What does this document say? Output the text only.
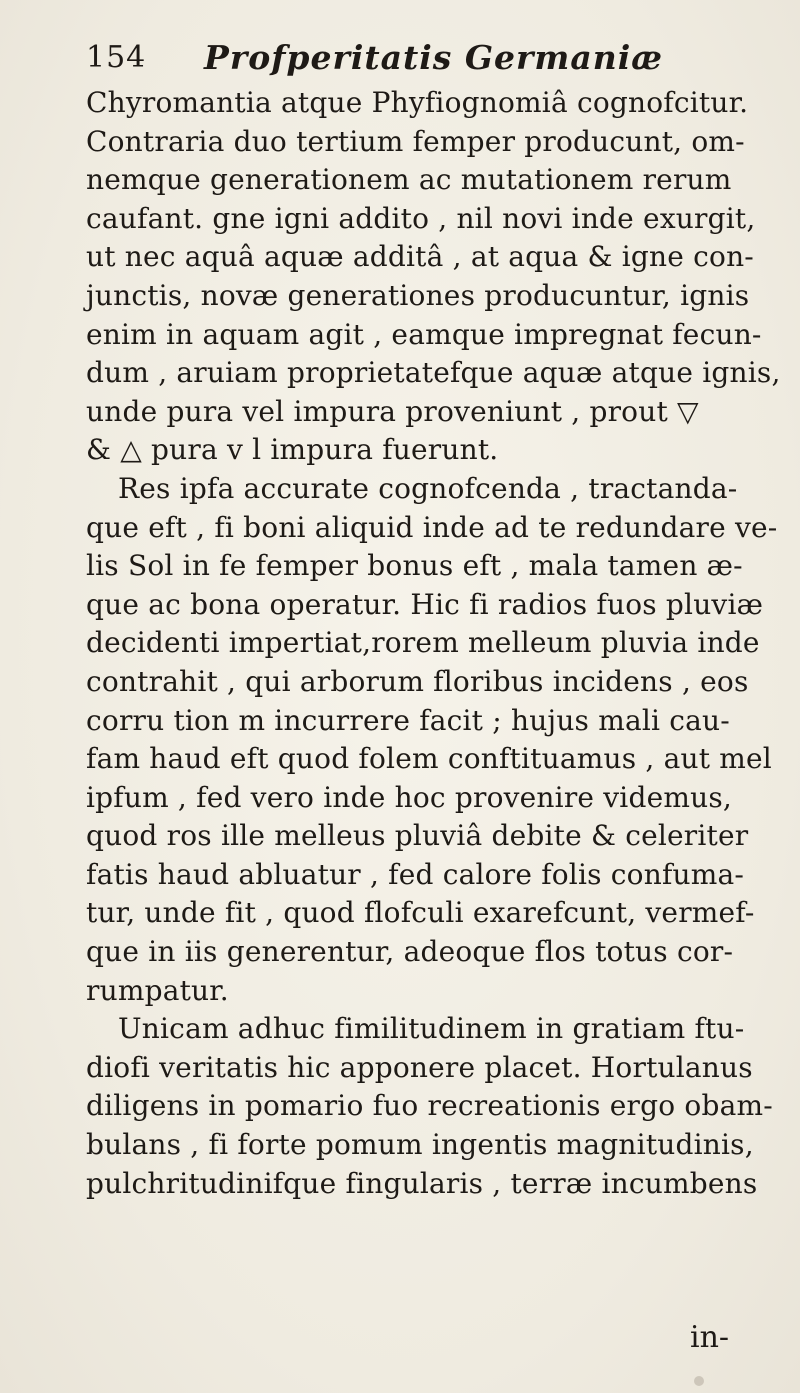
154 Profperitatis Germaniæ
Chyromantia atque Phyfiognomiâ cognofcitur.
Contraria duo tertium femper producunt, om-
nemque generationem ac mutationem rerum
caufant. gne igni addito , nil novi inde exurgit,
ut nec aquâ aquæ additâ , at aqua & igne con-
junctis, novæ generationes producuntur, ignis
enim in aquam agit , eamque impregnat fecun-
dum , aruiam proprietatefque aquæ atque ignis,
unde pura vel impura proveniunt , prout ▽
& △ pura v l impura fuerunt.
Res ipfa accurate cognofcenda , tractanda-
que eft , fi boni aliquid inde ad te redundare ve-
lis Sol in fe femper bonus eft , mala tamen æ-
que ac bona operatur. Hic fi radios fuos pluviæ
decidenti impertiat,rorem melleum pluvia inde
contrahit , qui arborum floribus incidens , eos
corru tion m incurrere facit ; hujus mali cau-
fam haud eft quod folem conftituamus , aut mel
ipfum , fed vero inde hoc provenire videmus,
quod ros ille melleus pluviâ debite & celeriter
fatis haud abluatur , fed calore folis confuma-
tur, unde fit , quod flofculi exarefcunt, vermef-
que in iis generentur, adeoque flos totus cor-
rumpatur.
Unicam adhuc fimilitudinem in gratiam ftu-
diofi veritatis hic apponere placet. Hortulanus
diligens in pomario fuo recreationis ergo obam-
bulans , fi forte pomum ingentis magnitudinis,
pulchritudinifque fingularis , terræ incumbens
in-
